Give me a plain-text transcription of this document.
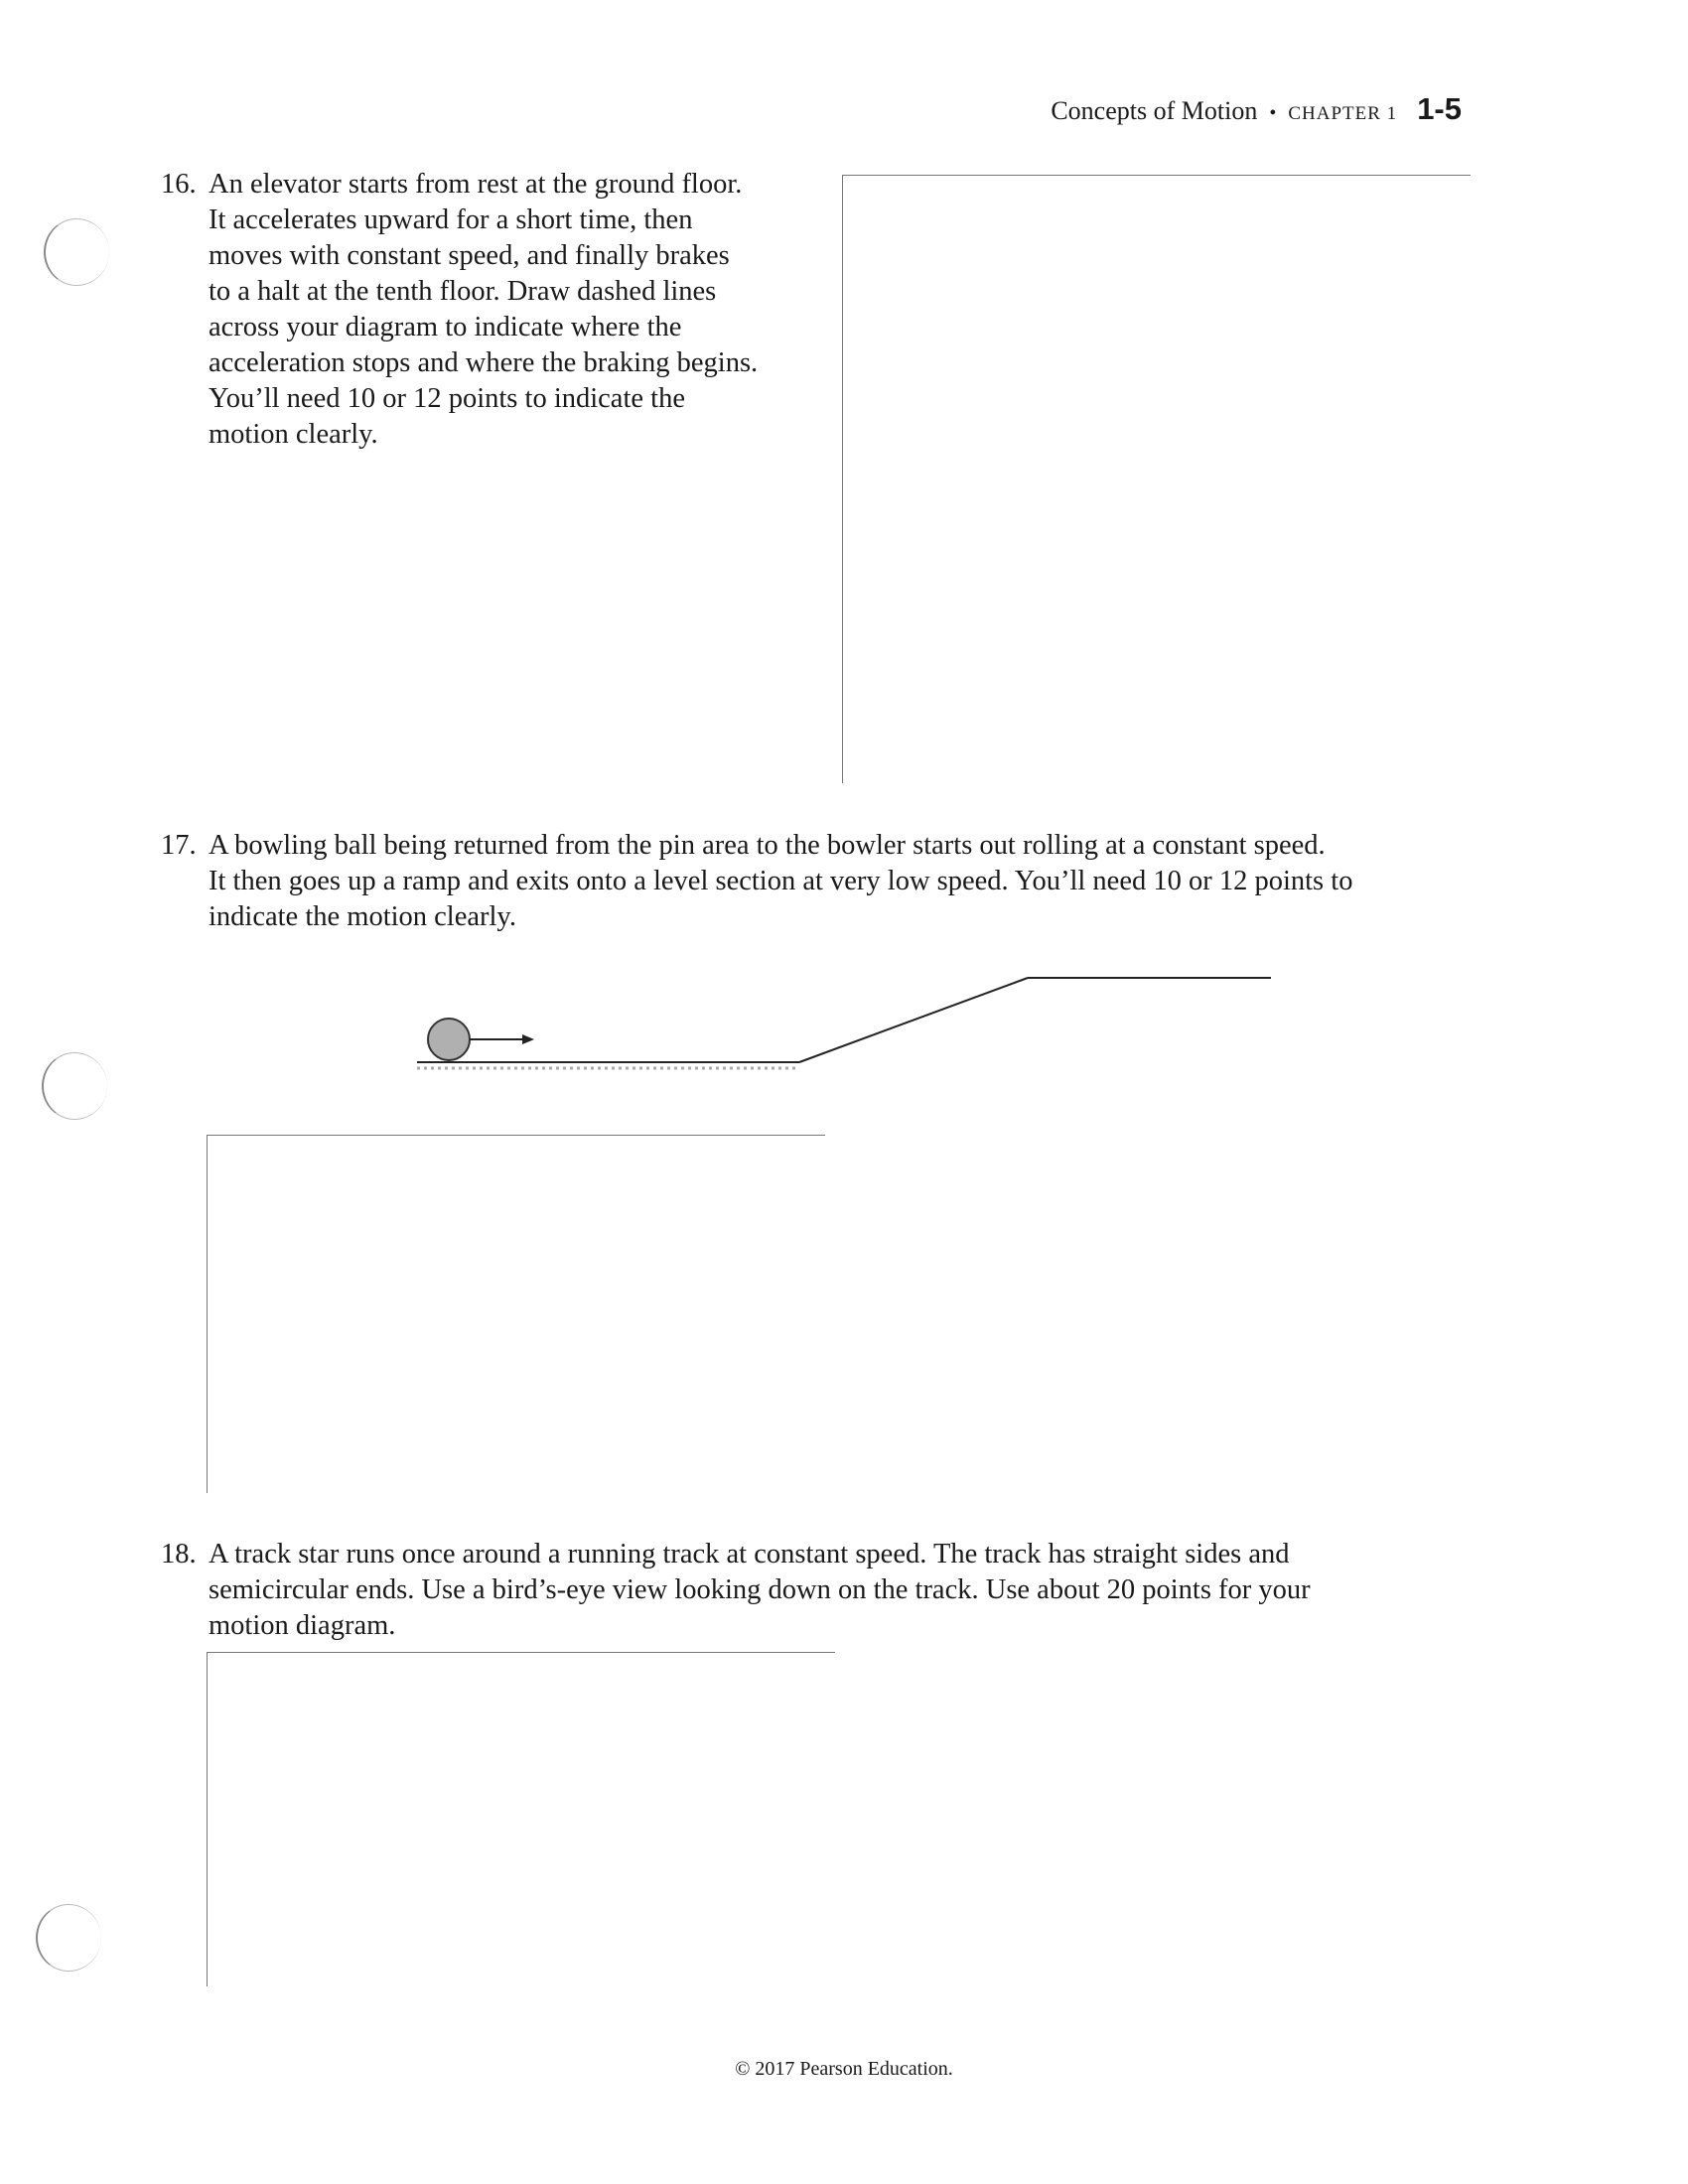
Concepts of Motion • CHAPTER 1 1-5
16. An elevator starts from rest at the ground floor.
It accelerates upward for a short time, then
moves with constant speed, and finally brakes
to a halt at the tenth floor. Draw dashed lines
across your diagram to indicate where the
acceleration stops and where the braking begins.
You’ll need 10 or 12 points to indicate the
motion clearly.
17. A bowling ball being returned from the pin area to the bowler starts out rolling at a constant speed.
It then goes up a ramp and exits onto a level section at very low speed. You’ll need 10 or 12 points to
indicate the motion clearly.
18. A track star runs once around a running track at constant speed. The track has straight sides and
semicircular ends. Use a bird’s-eye view looking down on the track. Use about 20 points for your
motion diagram.
© 2017 Pearson Education.
